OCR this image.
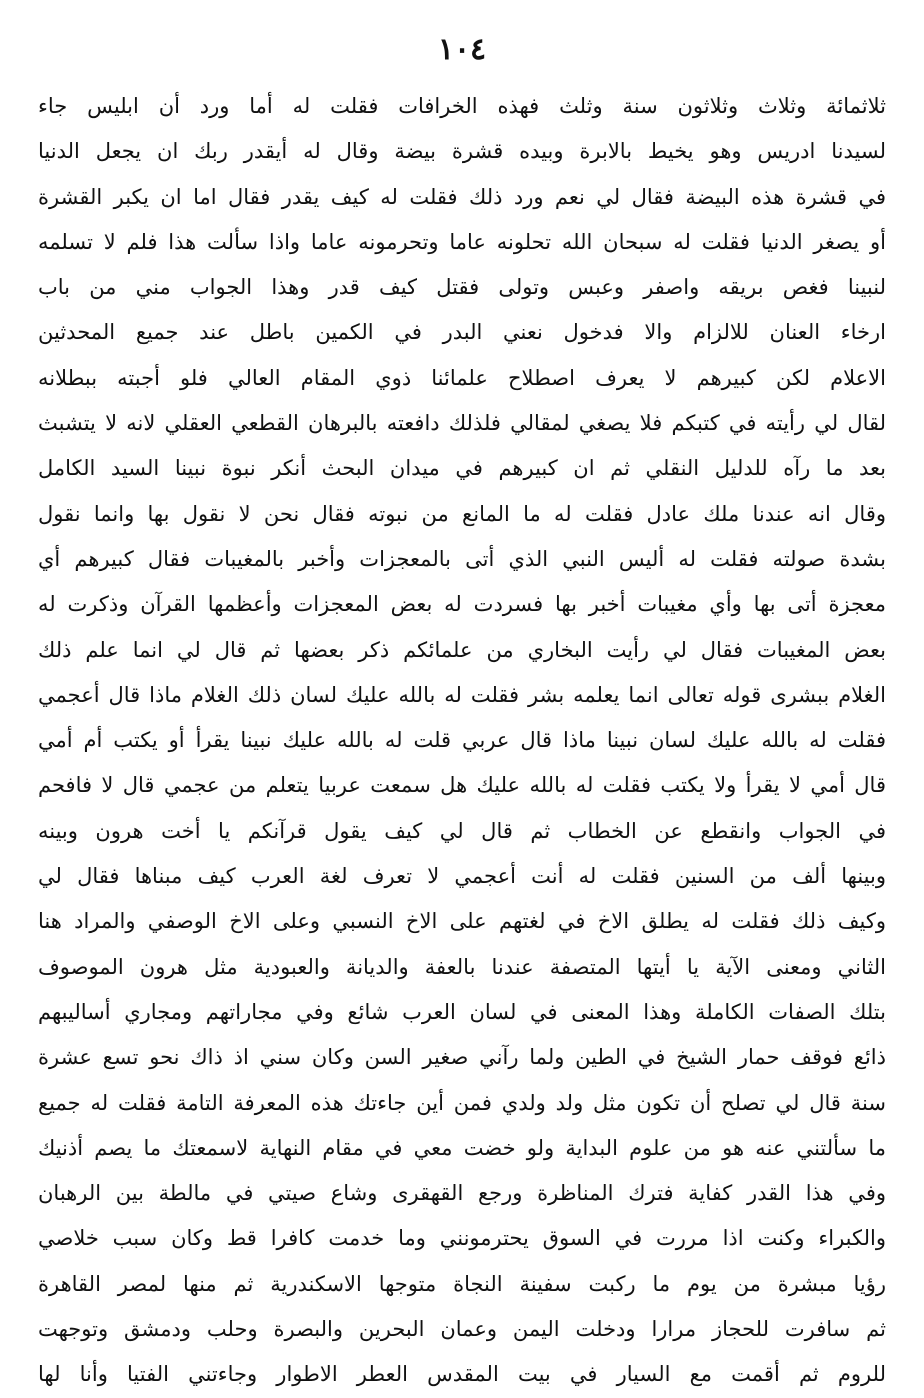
١٠٤
ثلاثمائة وثلاث وثلاثون سنة وثلث فهذه الخرافات فقلت له أما ورد أن ابليس جاء
لسيدنا ادريس وهو يخيط بالابرة وبيده قشرة بيضة وقال له أيقدر ربك ان يجعل الدنيا
في قشرة هذه البيضة فقال لي نعم ورد ذلك فقلت له كيف يقدر فقال اما ان يكبر القشرة
أو يصغر الدنيا فقلت له سبحان الله تحلونه عاما وتحرمونه عاما واذا سألت هذا فلم لا تسلمه
لنبينا فغص بريقه واصفر وعبس وتولى فقتل كيف قدر وهذا الجواب مني من باب
ارخاء العنان للالزام والا فدخول نعني البدر في الكمين باطل عند جميع المحدثين
الاعلام لكن كبيرهم لا يعرف اصطلاح علمائنا ذوي المقام العالي فلو أجبته ببطلانه
لقال لي رأيته في كتبكم فلا يصغي لمقالي فلذلك دافعته بالبرهان القطعي العقلي لانه لا يتشبث
بعد ما رآه للدليل النقلي ثم ان كبيرهم في ميدان البحث أنكر نبوة نبينا السيد الكامل
وقال انه عندنا ملك عادل فقلت له ما المانع من نبوته فقال نحن لا نقول بها وانما نقول
بشدة صولته فقلت له أليس النبي الذي أتى بالمعجزات وأخبر بالمغيبات فقال كبيرهم أي
معجزة أتى بها وأي مغيبات أخبر بها فسردت له بعض المعجزات وأعظمها القرآن وذكرت له
بعض المغيبات فقال لي رأيت البخاري من علمائكم ذكر بعضها ثم قال لي انما علم ذلك
الغلام ببشرى قوله تعالى انما يعلمه بشر فقلت له بالله عليك لسان ذلك الغلام ماذا قال أعجمي
فقلت له بالله عليك لسان نبينا ماذا قال عربي قلت له بالله عليك نبينا يقرأ أو يكتب أم أمي
قال أمي لا يقرأ ولا يكتب فقلت له بالله عليك هل سمعت عربيا يتعلم من عجمي قال لا فافحم
في الجواب وانقطع عن الخطاب ثم قال لي كيف يقول قرآنكم يا أخت هرون وبينه
وبينها ألف من السنين فقلت له أنت أعجمي لا تعرف لغة العرب كيف مبناها فقال لي
وكيف ذلك فقلت له يطلق الاخ في لغتهم على الاخ النسبي وعلى الاخ الوصفي والمراد هنا
الثاني ومعنى الآية يا أيتها المتصفة عندنا بالعفة والديانة والعبودية مثل هرون الموصوف
بتلك الصفات الكاملة وهذا المعنى في لسان العرب شائع وفي مجاراتهم ومجاري أساليبهم
ذائع فوقف حمار الشيخ في الطين ولما رآني صغير السن وكان سني اذ ذاك نحو تسع عشرة
سنة قال لي تصلح أن تكون مثل ولد ولدي فمن أين جاءتك هذه المعرفة التامة فقلت له جميع
ما سألتني عنه هو من علوم البداية ولو خضت معي في مقام النهاية لاسمعتك ما يصم أذنيك
وفي هذا القدر كفاية فترك المناظرة ورجع القهقرى وشاع صيتي في مالطة بين الرهبان
والكبراء وكنت اذا مررت في السوق يحترمونني وما خدمت كافرا قط وكان سبب خلاصي
رؤيا مبشرة من يوم ما ركبت سفينة النجاة متوجها الاسكندرية ثم منها لمصر القاهرة
ثم سافرت للحجاز مرارا ودخلت اليمن وعمان البحرين والبصرة وحلب ودمشق وتوجهت
للروم ثم أقمت مع السيار في بيت المقدس العطر الاطوار وجاءتني الفتيا وأنا لها
